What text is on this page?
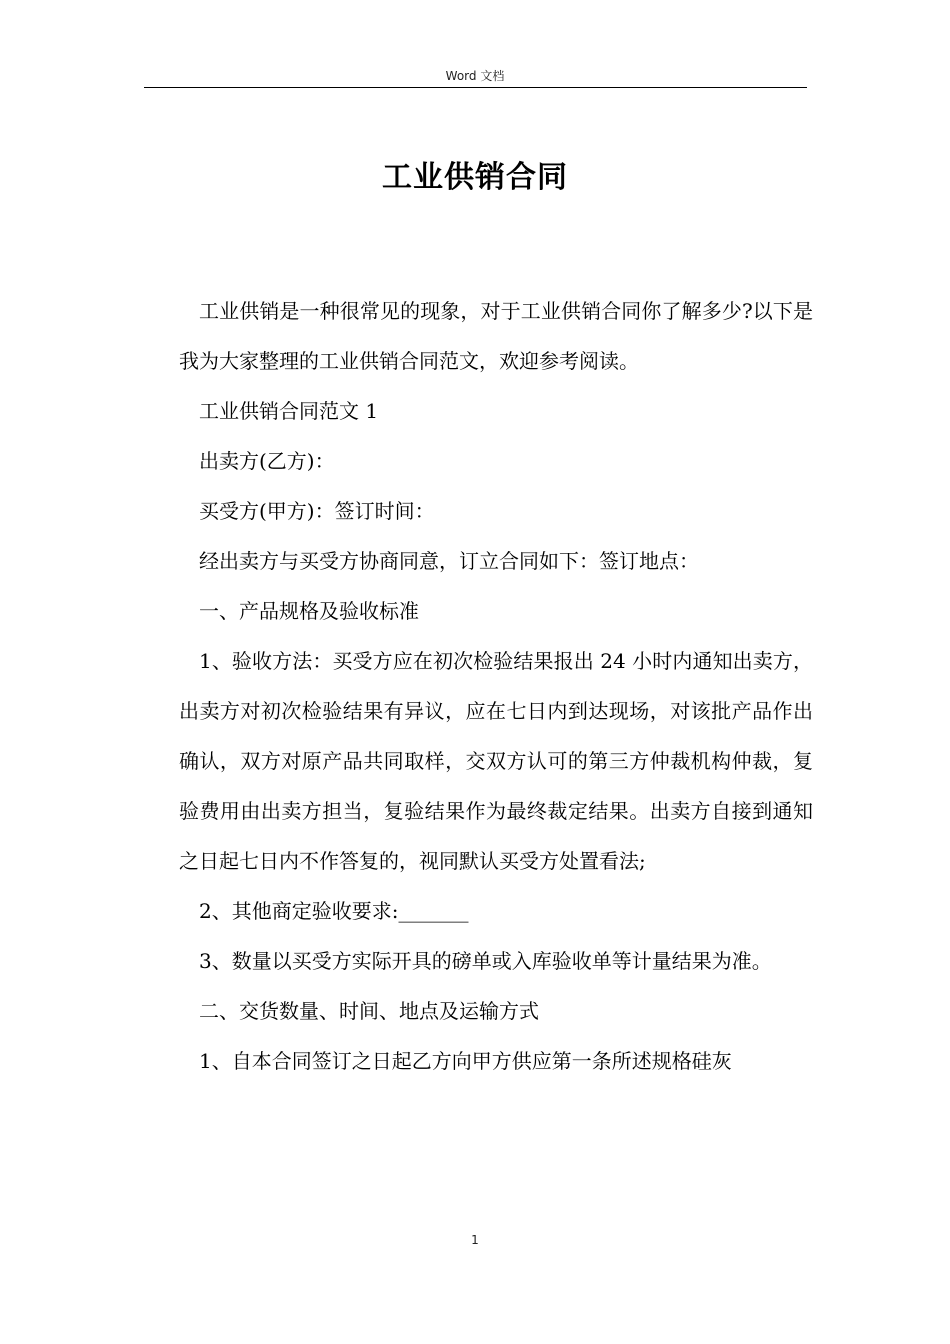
Word 文档
工业供销合同

工业供销是一种很常见的现象，对于工业供销合同你了解多少?以下是我为大家整理的工业供销合同范文，欢迎参考阅读。

工业供销合同范文 1

出卖方(乙方)：

买受方(甲方)：签订时间：

经出卖方与买受方协商同意，订立合同如下：签订地点：

一、产品规格及验收标准

1、验收方法：买受方应在初次检验结果报出 24 小时内通知出卖方，出卖方对初次检验结果有异议，应在七日内到达现场，对该批产品作出确认，双方对原产品共同取样，交双方认可的第三方仲裁机构仲裁，复验费用由出卖方担当，复验结果作为最终裁定结果。出卖方自接到通知之日起七日内不作答复的，视同默认买受方处置看法;

2、其他商定验收要求:_______

3、数量以买受方实际开具的磅单或入库验收单等计量结果为准。

二、交货数量、时间、地点及运输方式

1、自本合同签订之日起乙方向甲方供应第一条所述规格硅灰

1
